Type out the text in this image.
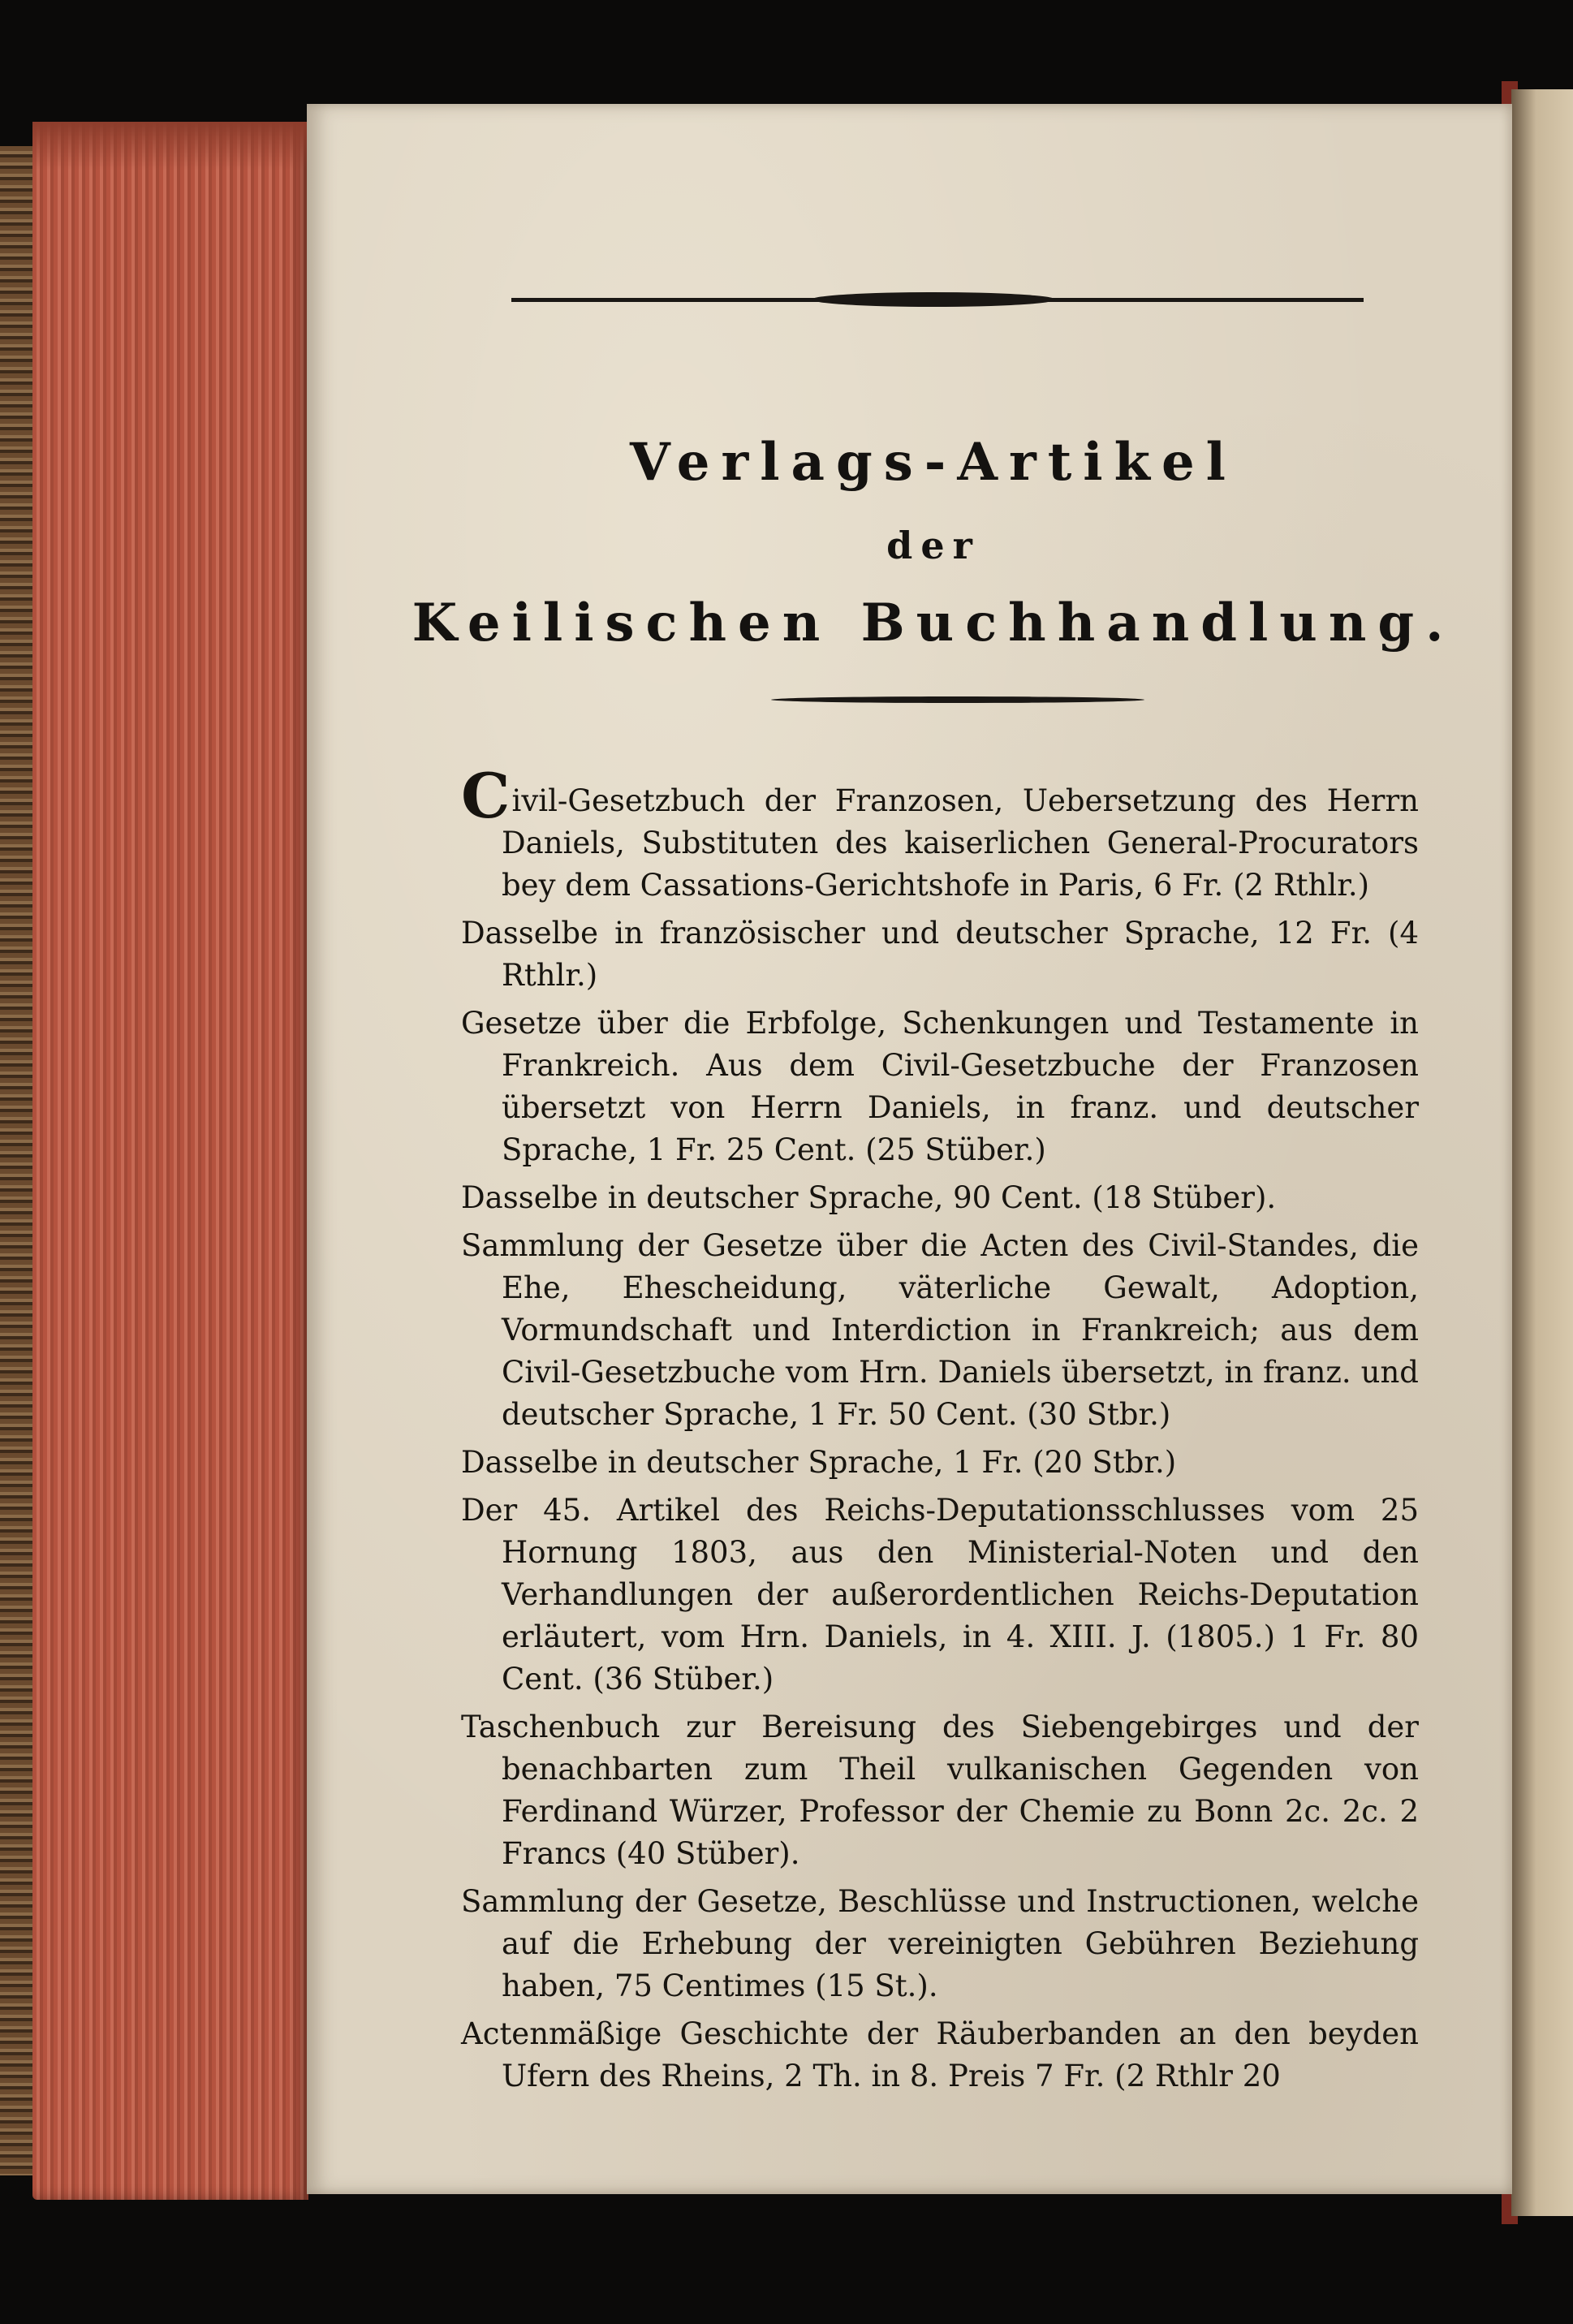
Verlags-Artikel
der
Keilischen Buchhandlung.

Civil-Gesetzbuch der Franzosen, Uebersetzung des Herrn Daniels, Substituten des kaiserlichen General-Procurators bey dem Cassations-Gerichtshofe in Paris, 6 Fr. (2 Rthlr.)

Dasselbe in französischer und deutscher Sprache, 12 Fr. (4 Rthlr.)

Gesetze über die Erbfolge, Schenkungen und Testamente in Frankreich. Aus dem Civil-Gesetzbuche der Franzosen übersetzt von Herrn Daniels, in franz. und deutscher Sprache, 1 Fr. 25 Cent. (25 Stüber.)

Dasselbe in deutscher Sprache, 90 Cent. (18 Stüber).

Sammlung der Gesetze über die Acten des Civil-Standes, die Ehe, Ehescheidung, väterliche Gewalt, Adoption, Vormundschaft und Interdiction in Frankreich; aus dem Civil-Gesetzbuche vom Hrn. Daniels übersetzt, in franz. und deutscher Sprache, 1 Fr. 50 Cent. (30 Stbr.)

Dasselbe in deutscher Sprache, 1 Fr. (20 Stbr.)

Der 45. Artikel des Reichs-Deputationsschlusses vom 25 Hornung 1803, aus den Ministerial-Noten und den Verhandlungen der außerordentlichen Reichs-Deputation erläutert, vom Hrn. Daniels, in 4. XIII. J. (1805.) 1 Fr. 80 Cent. (36 Stüber.)

Taschenbuch zur Bereisung des Siebengebirges und der benachbarten zum Theil vulkanischen Gegenden von Ferdinand Würzer, Professor der Chemie zu Bonn 2c. 2c. 2 Francs (40 Stüber).

Sammlung der Gesetze, Beschlüsse und Instructionen, welche auf die Erhebung der vereinigten Gebühren Beziehung haben, 75 Centimes (15 St.).

Actenmäßige Geschichte der Räuberbanden an den beyden Ufern des Rheins, 2 Th. in 8. Preis 7 Fr. (2 Rthlr 20
